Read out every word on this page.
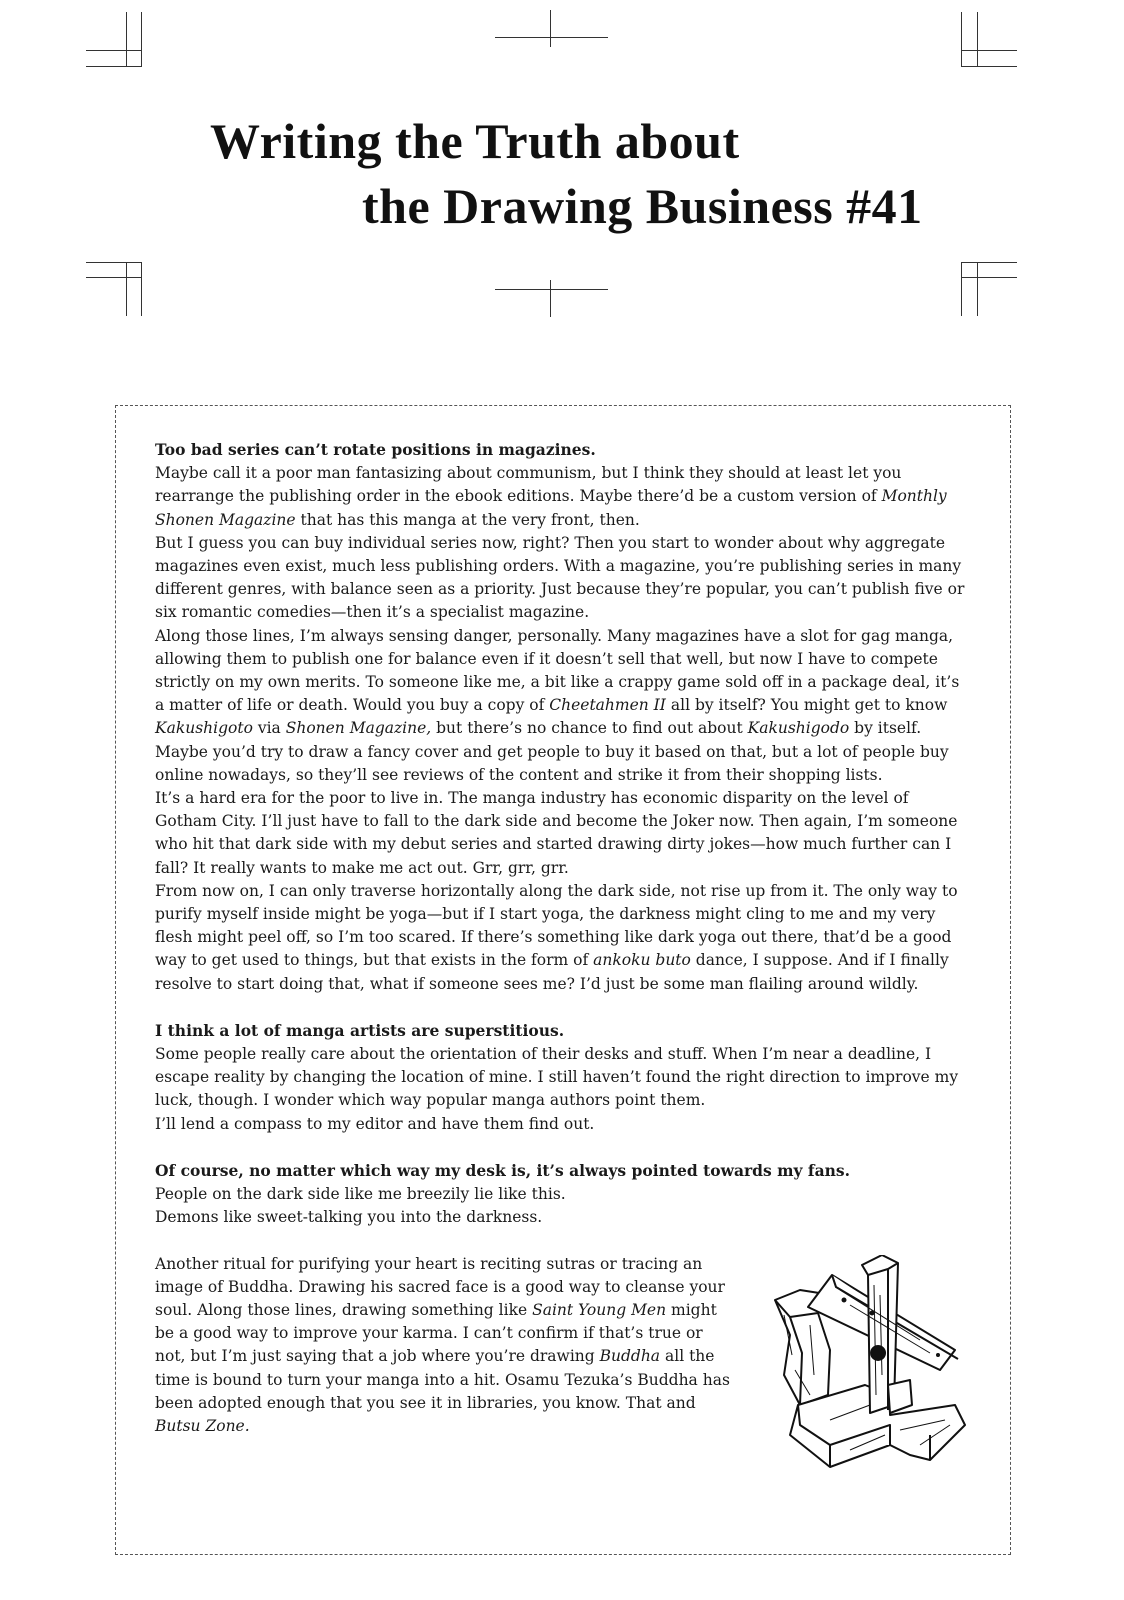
Writing the Truth about
the Drawing Business #41

Too bad series can’t rotate positions in magazines.

Maybe call it a poor man fantasizing about communism, but I think they should at least let you rearrange the publishing order in the ebook editions. Maybe there’d be a custom version of Monthly Shonen Magazine that has this manga at the very front, then.

But I guess you can buy individual series now, right? Then you start to wonder about why aggregate magazines even exist, much less publishing orders. With a magazine, you’re publishing series in many different genres, with balance seen as a priority. Just because they’re popular, you can’t publish five or six romantic comedies—then it’s a specialist magazine.

Along those lines, I’m always sensing danger, personally. Many magazines have a slot for gag manga, allowing them to publish one for balance even if it doesn’t sell that well, but now I have to compete strictly on my own merits. To someone like me, a bit like a crappy game sold off in a package deal, it’s a matter of life or death. Would you buy a copy of Cheetahmen II all by itself? You might get to know Kakushigoto via Shonen Magazine, but there’s no chance to find out about Kakushigodo by itself. Maybe you’d try to draw a fancy cover and get people to buy it based on that, but a lot of people buy online nowadays, so they’ll see reviews of the content and strike it from their shopping lists.

It’s a hard era for the poor to live in. The manga industry has economic disparity on the level of Gotham City. I’ll just have to fall to the dark side and become the Joker now. Then again, I’m someone who hit that dark side with my debut series and started drawing dirty jokes—how much further can I fall? It really wants to make me act out. Grr, grr, grr.

From now on, I can only traverse horizontally along the dark side, not rise up from it. The only way to purify myself inside might be yoga—but if I start yoga, the darkness might cling to me and my very flesh might peel off, so I’m too scared. If there’s something like dark yoga out there, that’d be a good way to get used to things, but that exists in the form of ankoku buto dance, I suppose. And if I finally resolve to start doing that, what if someone sees me? I’d just be some man flailing around wildly.

I think a lot of manga artists are superstitious.

Some people really care about the orientation of their desks and stuff. When I’m near a deadline, I escape reality by changing the location of mine. I still haven’t found the right direction to improve my luck, though. I wonder which way popular manga authors point them.

I’ll lend a compass to my editor and have them find out.

Of course, no matter which way my desk is, it’s always pointed towards my fans.

People on the dark side like me breezily lie like this.

Demons like sweet-talking you into the darkness.

Another ritual for purifying your heart is reciting sutras or tracing an image of Buddha. Drawing his sacred face is a good way to cleanse your soul. Along those lines, drawing something like Saint Young Men might be a good way to improve your karma. I can’t confirm if that’s true or not, but I’m just saying that a job where you’re drawing Buddha all the time is bound to turn your manga into a hit. Osamu Tezuka’s Buddha has been adopted enough that you see it in libraries, you know. That and Butsu Zone.
